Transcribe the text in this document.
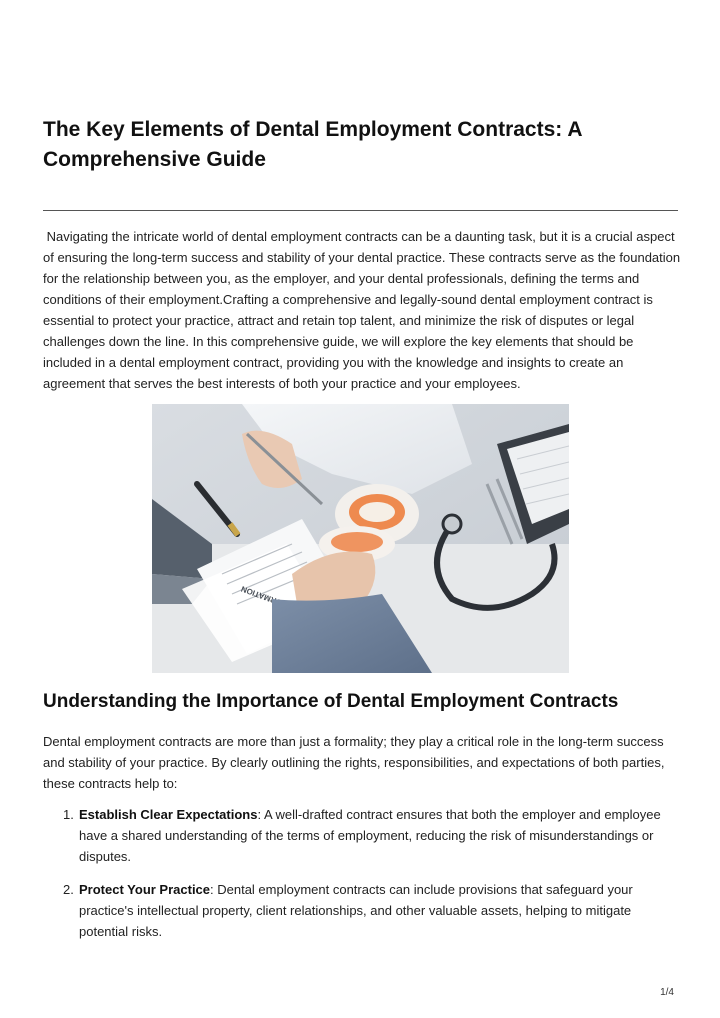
The Key Elements of Dental Employment Contracts: A Comprehensive Guide
Navigating the intricate world of dental employment contracts can be a daunting task, but it is a crucial aspect of ensuring the long-term success and stability of your dental practice. These contracts serve as the foundation for the relationship between you, as the employer, and your dental professionals, defining the terms and conditions of their employment.Crafting a comprehensive and legally-sound dental employment contract is essential to protect your practice, attract and retain top talent, and minimize the risk of disputes or legal challenges down the line. In this comprehensive guide, we will explore the key elements that should be included in a dental employment contract, providing you with the knowledge and insights to create an agreement that serves the best interests of both your practice and your employees.
INFORMATION
Understanding the Importance of Dental Employment Contracts
Dental employment contracts are more than just a formality; they play a critical role in the long-term success and stability of your practice. By clearly outlining the rights, responsibilities, and expectations of both parties, these contracts help to:
1. Establish Clear Expectations: A well-drafted contract ensures that both the employer and employee have a shared understanding of the terms of employment, reducing the risk of misunderstandings or disputes.
2. Protect Your Practice: Dental employment contracts can include provisions that safeguard your practice's intellectual property, client relationships, and other valuable assets, helping to mitigate potential risks.
1/4
